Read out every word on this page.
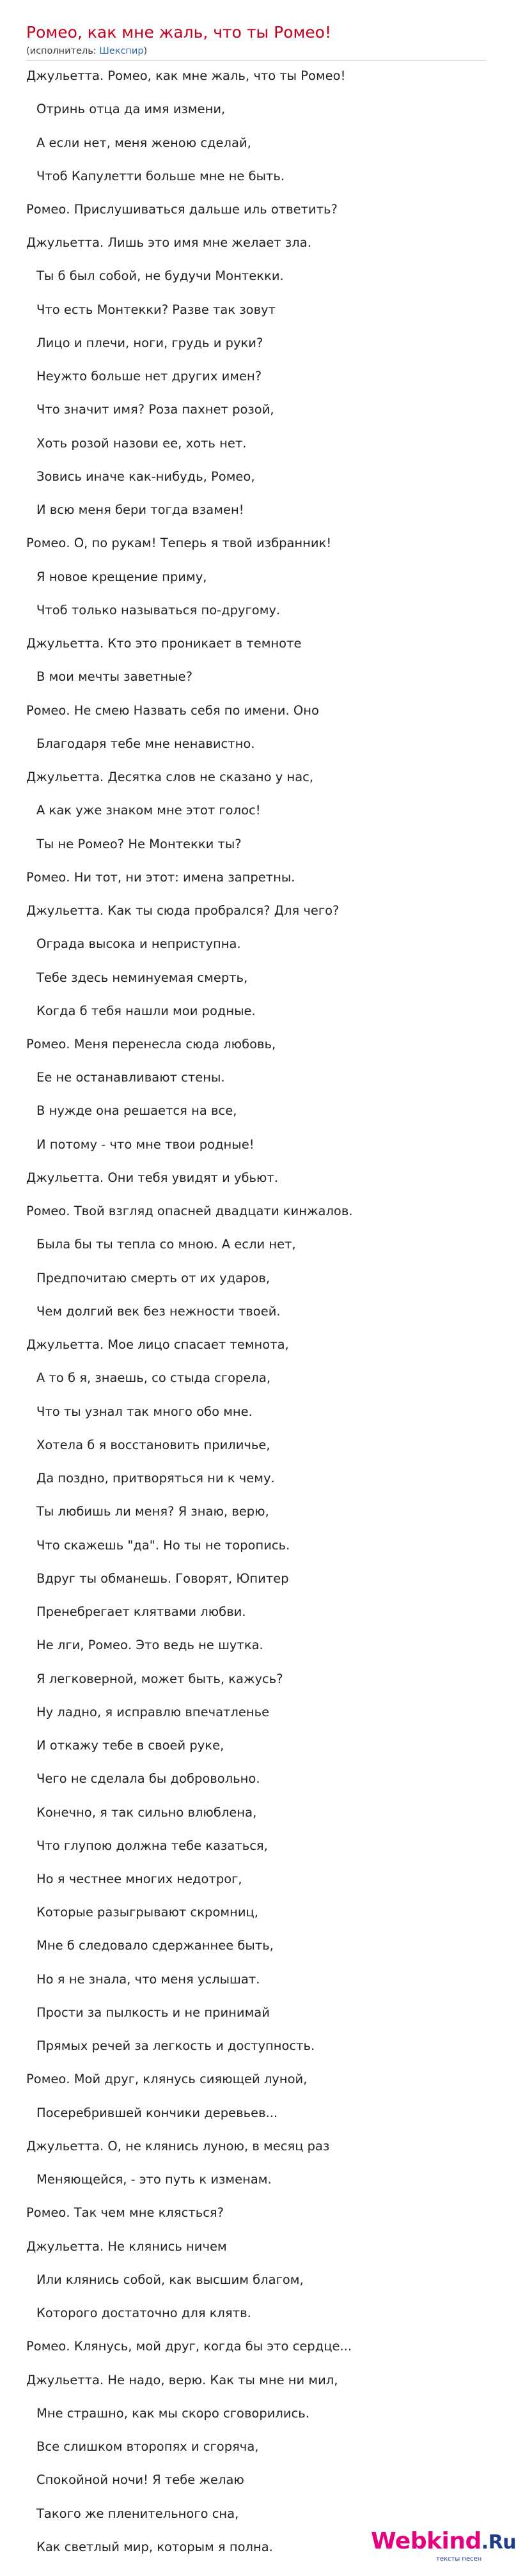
Ромео, как мне жаль, что ты Ромео!
(исполнитель: Шекспир)
Джульетта. Ромео, как мне жаль, что ты Ромео!
Отринь отца да имя измени,
А если нет, меня женою сделай,
Чтоб Капулетти больше мне не быть.
Ромео. Прислушиваться дальше иль ответить?
Джульетта. Лишь это имя мне желает зла.
Ты б был собой, не будучи Монтекки.
Что есть Монтекки? Разве так зовут
Лицо и плечи, ноги, грудь и руки?
Неужто больше нет других имен?
Что значит имя? Роза пахнет розой,
Хоть розой назови ее, хоть нет.
Зовись иначе как-нибудь, Ромео,
И всю меня бери тогда взамен!
Ромео. О, по рукам! Теперь я твой избранник!
Я новое крещение приму,
Чтоб только называться по-другому.
Джульетта. Кто это проникает в темноте
В мои мечты заветные?
Ромео. Не смею Назвать себя по имени. Оно
Благодаря тебе мне ненавистно.
Джульетта. Десятка слов не сказано у нас,
А как уже знаком мне этот голос!
Ты не Ромео? Не Монтекки ты?
Ромео. Ни тот, ни этот: имена запретны.
Джульетта. Как ты сюда пробрался? Для чего?
Ограда высока и неприступна.
Тебе здесь неминуемая смерть,
Когда б тебя нашли мои родные.
Ромео. Меня перенесла сюда любовь,
Ее не останавливают стены.
В нужде она решается на все,
И потому - что мне твои родные!
Джульетта. Они тебя увидят и убьют.
Ромео. Твой взгляд опасней двадцати кинжалов.
Была бы ты тепла со мною. А если нет,
Предпочитаю смерть от их ударов,
Чем долгий век без нежности твоей.
Джульетта. Мое лицо спасает темнота,
А то б я, знаешь, со стыда сгорела,
Что ты узнал так много обо мне.
Хотела б я восстановить приличье,
Да поздно, притворяться ни к чему.
Ты любишь ли меня? Я знаю, верю,
Что скажешь "да". Но ты не торопись.
Вдруг ты обманешь. Говорят, Юпитер
Пренебрегает клятвами любви.
Не лги, Ромео. Это ведь не шутка.
Я легковерной, может быть, кажусь?
Ну ладно, я исправлю впечатленье
И откажу тебе в своей руке,
Чего не сделала бы добровольно.
Конечно, я так сильно влюблена,
Что глупою должна тебе казаться,
Но я честнее многих недотрог,
Которые разыгрывают скромниц,
Мне б следовало сдержаннее быть,
Но я не знала, что меня услышат.
Прости за пылкость и не принимай
Прямых речей за легкость и доступность.
Ромео. Мой друг, клянусь сияющей луной,
Посеребрившей кончики деревьев...
Джульетта. О, не клянись луною, в месяц раз
Меняющейся, - это путь к изменам.
Ромео. Так чем мне клясться?
Джульетта. Не клянись ничем
Или клянись собой, как высшим благом,
Которого достаточно для клятв.
Ромео. Клянусь, мой друг, когда бы это сердце...
Джульетта. Не надо, верю. Как ты мне ни мил,
Мне страшно, как мы скоро сговорились.
Все слишком второпях и сгоряча,
Спокойной ночи! Я тебе желаю
Такого же пленительного сна,
Как светлый мир, которым я полна.	Webkind.Ru
тексты песен
